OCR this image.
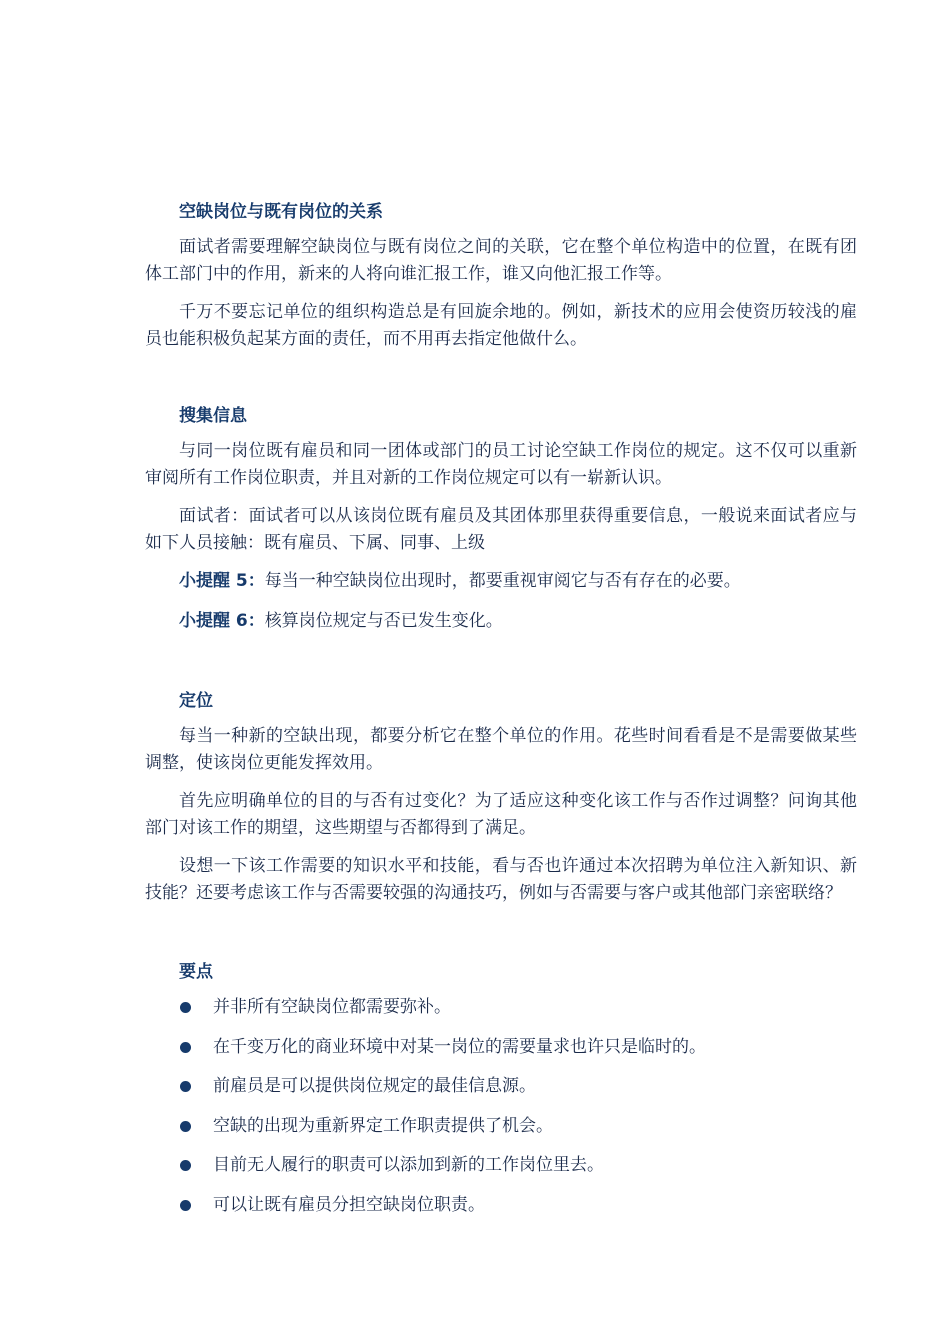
空缺岗位与既有岗位的关系

面试者需要理解空缺岗位与既有岗位之间的关联，它在整个单位构造中的位置，在既有团体工部门中的作用，新来的人将向谁汇报工作，谁又向他汇报工作等。

千万不要忘记单位的组织构造总是有回旋余地的。例如，新技术的应用会使资历较浅的雇员也能积极负起某方面的责任，而不用再去指定他做什么。

搜集信息

与同一岗位既有雇员和同一团体或部门的员工讨论空缺工作岗位的规定。这不仅可以重新审阅所有工作岗位职责，并且对新的工作岗位规定可以有一崭新认识。

面试者：面试者可以从该岗位既有雇员及其团体那里获得重要信息，一般说来面试者应与如下人员接触：既有雇员、下属、同事、上级

小提醒 5：每当一种空缺岗位出现时，都要重视审阅它与否有存在的必要。

小提醒 6：核算岗位规定与否已发生变化。

定位

每当一种新的空缺出现，都要分析它在整个单位的作用。花些时间看看是不是需要做某些调整，使该岗位更能发挥效用。

首先应明确单位的目的与否有过变化？为了适应这种变化该工作与否作过调整？问询其他部门对该工作的期望，这些期望与否都得到了满足。

设想一下该工作需要的知识水平和技能，看与否也许通过本次招聘为单位注入新知识、新技能？还要考虑该工作与否需要较强的沟通技巧，例如与否需要与客户或其他部门亲密联络？

要点
并非所有空缺岗位都需要弥补。
在千变万化的商业环境中对某一岗位的需要量求也许只是临时的。
前雇员是可以提供岗位规定的最佳信息源。
空缺的出现为重新界定工作职责提供了机会。
目前无人履行的职责可以添加到新的工作岗位里去。
可以让既有雇员分担空缺岗位职责。
